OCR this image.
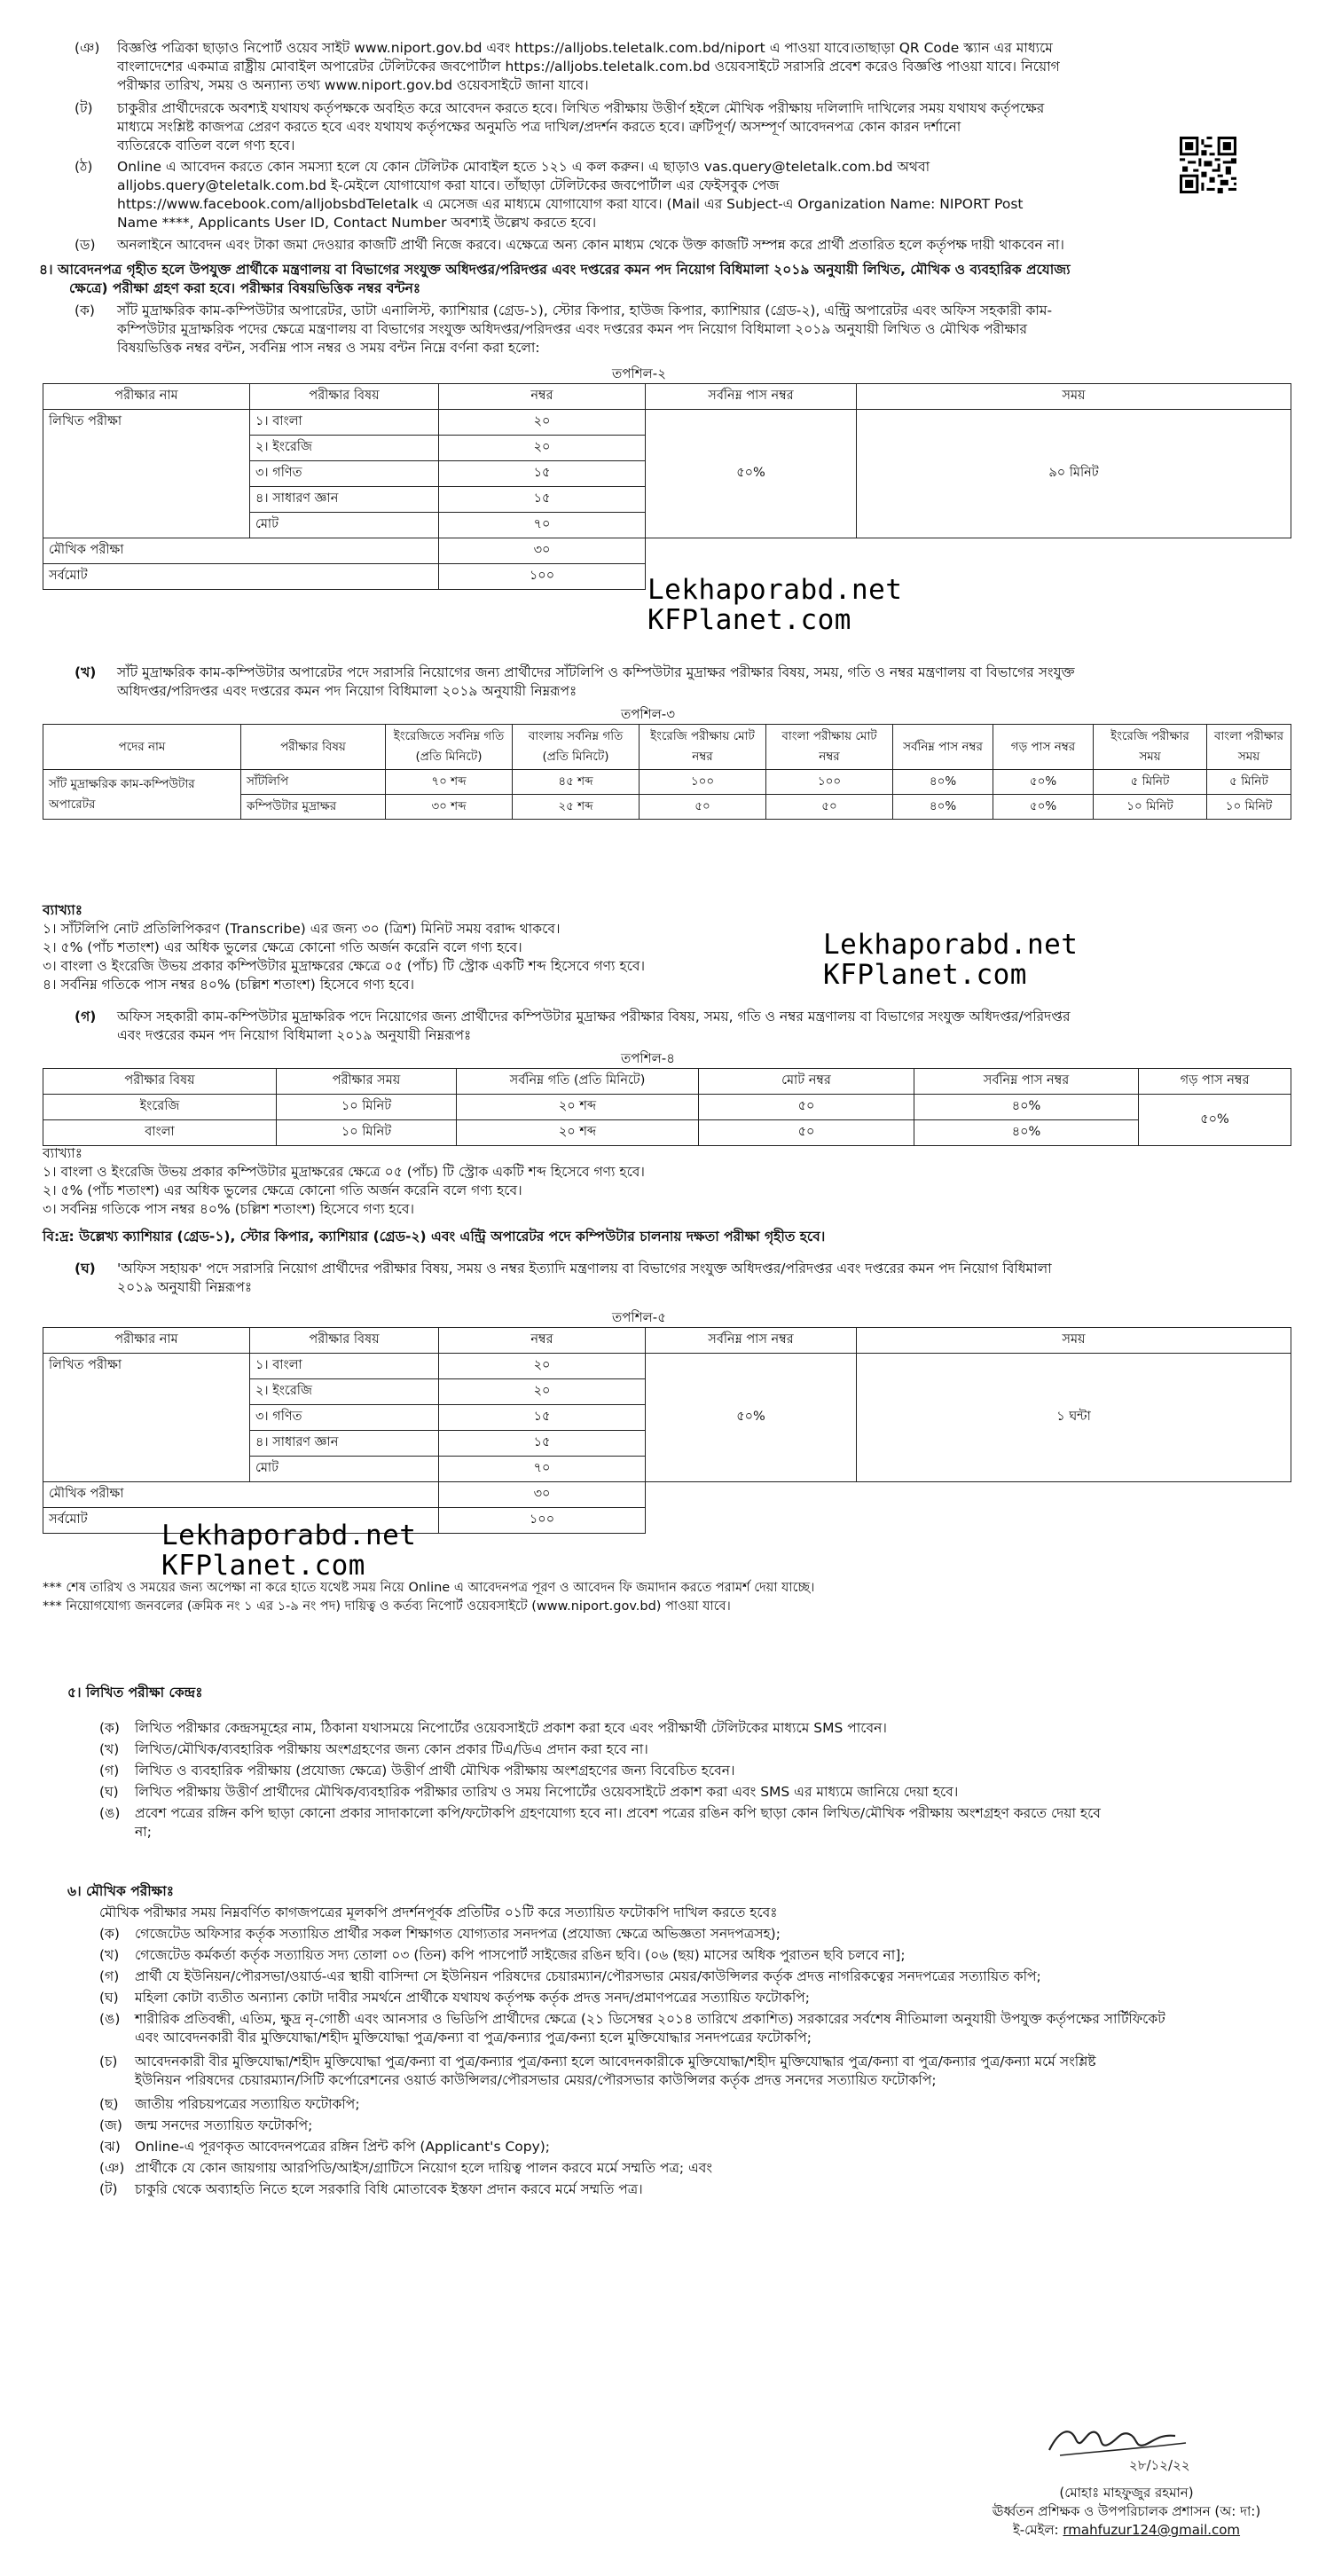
(ঞ)	বিজ্ঞপ্তি পত্রিকা ছাড়াও নিপোর্ট ওয়েব সাইট www.niport.gov.bd এবং https://alljobs.teletalk.com.bd/niport এ পাওয়া যাবে।তাছাড়া QR Code স্ক্যান এর মাধ্যমে
বাংলাদেশের একমাত্র রাষ্ট্রীয় মোবাইল অপারেটর টেলিটকের জবপোর্টাল https://alljobs.teletalk.com.bd ওয়েবসাইটে সরাসরি প্রবেশ করেও বিজ্ঞপ্তি পাওয়া যাবে। নিয়োগ
পরীক্ষার তারিখ, সময় ও অন্যান্য তথ্য www.niport.gov.bd ওয়েবসাইটে জানা যাবে।
(ট)	চাকুরীর প্রার্থীদেরকে অবশ্যই যথাযথ কর্তৃপক্ষকে অবহিত করে আবেদন করতে হবে। লিখিত পরীক্ষায় উত্তীর্ণ হইলে মৌখিক পরীক্ষায় দলিলাদি দাখিলের সময় যথাযথ কর্তৃপক্ষের
মাধ্যমে সংশ্লিষ্ট কাজপত্র প্রেরণ করতে হবে এবং যথাযথ কর্তৃপক্ষের অনুমতি পত্র দাখিল/প্রদর্শন করতে হবে। ত্রুটিপূর্ণ/ অসম্পূর্ণ আবেদনপত্র কোন কারন দর্শানো
ব্যতিরেকে বাতিল বলে গণ্য হবে।
(ঠ)	Online এ আবেদন করতে কোন সমস্যা হলে যে কোন টেলিটক মোবাইল হতে ১২১ এ কল করুন। এ ছাড়াও vas.query@teletalk.com.bd অথবা
alljobs.query@teletalk.com.bd ই-মেইলে যোগাযোগ করা যাবে। তাঁছাড়া টেলিটকের জবপোর্টাল এর ফেইসবুক পেজ
https://www.facebook.com/alljobsbdTeletalk এ মেসেজ এর মাধ্যমে যোগাযোগ করা যাবে। (Mail এর Subject-এ Organization Name: NIPORT Post
Name ****, Applicants User ID, Contact Number অবশ্যই উল্লেখ করতে হবে।
(ড)	অনলাইনে আবেদন এবং টাকা জমা দেওয়ার কাজটি প্রার্থী নিজে করবে। এক্ষেত্রে অন্য কোন মাধ্যম থেকে উক্ত কাজটি সম্পন্ন করে প্রার্থী প্রতারিত হলে কর্তৃপক্ষ দায়ী থাকবেন না।
৪। আবেদনপত্র গৃহীত হলে উপযুক্ত প্রার্থীকে মন্ত্রণালয় বা বিভাগের সংযুক্ত অধিদপ্তর/পরিদপ্তর এবং দপ্তরের কমন পদ নিয়োগ বিধিমালা ২০১৯ অনুযায়ী লিখিত, মৌখিক ও ব্যবহারিক প্রযোজ্য
ক্ষেত্রে) পরীক্ষা গ্রহণ করা হবে। পরীক্ষার বিষয়ভিত্তিক নম্বর বন্টনঃ
(ক)	সাঁট মুদ্রাক্ষরিক কাম-কম্পিউটার অপারেটর, ডাটা এনালিস্ট, ক্যাশিয়ার (গ্রেড-১), স্টোর কিপার, হাউজ কিপার, ক্যাশিয়ার (গ্রেড-২), এন্ট্রি অপারেটর এবং অফিস সহকারী কাম-
কম্পিউটার মুদ্রাক্ষরিক পদের ক্ষেত্রে মন্ত্রণালয় বা বিভাগের সংযুক্ত অধিদপ্তর/পরিদপ্তর এবং দপ্তরের কমন পদ নিয়োগ বিধিমালা ২০১৯ অনুযায়ী লিখিত ও মৌখিক পরীক্ষার
বিষয়ভিত্তিক নম্বর বন্টন, সর্বনিম্ন পাস নম্বর ও সময় বন্টন নিম্নে বর্ণনা করা হলো:
তপশিল-২
পরীক্ষার নাম	পরীক্ষার বিষয়	নম্বর	সর্বনিম্ন পাস নম্বর	সময়
লিখিত পরীক্ষা	১। বাংলা	২০	৫০%	৯০ মিনিট
	২। ইংরেজি	২০		
	৩। গণিত	১৫		
	৪। সাধারণ জ্ঞান	১৫		
	মোট	৭০		
মৌখিক পরীক্ষা		৩০		
সর্বমোট		১০০			Lekhaporabd.net
KFPlanet.com
(খ)	সাঁট মুদ্রাক্ষরিক কাম-কম্পিউটার অপারেটর পদে সরাসরি নিয়োগের জন্য প্রার্থীদের সাঁটলিপি ও কম্পিউটার মুদ্রাক্ষর পরীক্ষার বিষয়, সময়, গতি ও নম্বর মন্ত্রণালয় বা বিভাগের সংযুক্ত
অধিদপ্তর/পরিদপ্তর এবং দপ্তরের কমন পদ নিয়োগ বিধিমালা ২০১৯ অনুযায়ী নিম্নরূপঃ
তপশিল-৩
পদের নাম	পরীক্ষার বিষয়	ইংরেজিতে সর্বনিম্ন গতি (প্রতি মিনিটে)	বাংলায় সর্বনিম্ন গতি (প্রতি মিনিটে)	ইংরেজি পরীক্ষায় মোট নম্বর	বাংলা পরীক্ষায় মোট নম্বর	সর্বনিম্ন পাস নম্বর	গড় পাস নম্বর	ইংরেজি পরীক্ষার সময়	বাংলা পরীক্ষার সময়
সাঁট মুদ্রাক্ষরিক কাম-কম্পিউটার অপারেটর	সাঁটলিপি	৭০ শব্দ	৪৫ শব্দ	১০০	১০০	৪০%	৫০%	৫ মিনিট	৫ মিনিট
	কম্পিউটার মুদ্রাক্ষর	৩০ শব্দ	২৫ শব্দ	৫০	৫০	৪০%	৫০%	১০ মিনিট	১০ মিনিট
ব্যাখ্যাঃ
১। সাঁটলিপি নোট প্রতিলিপিকরণ (Transcribe) এর জন্য ৩০ (ত্রিশ) মিনিট সময় বরাদ্দ থাকবে।
২। ৫% (পাঁচ শতাংশ) এর অধিক ভুলের ক্ষেত্রে কোনো গতি অর্জন করেনি বলে গণ্য হবে।
৩। বাংলা ও ইংরেজি উভয় প্রকার কম্পিউটার মুদ্রাক্ষরের ক্ষেত্রে ০৫ (পাঁচ) টি স্ট্রোক একটি শব্দ হিসেবে গণ্য হবে।
৪। সর্বনিম্ন গতিকে পাস নম্বর ৪০% (চল্লিশ শতাংশ) হিসেবে গণ্য হবে।
Lekhaporabd.net
KFPlanet.com
(গ)	অফিস সহকারী কাম-কম্পিউটার মুদ্রাক্ষরিক পদে নিয়োগের জন্য প্রার্থীদের কম্পিউটার মুদ্রাক্ষর পরীক্ষার বিষয়, সময়, গতি ও নম্বর মন্ত্রণালয় বা বিভাগের সংযুক্ত অধিদপ্তর/পরিদপ্তর
এবং দপ্তরের কমন পদ নিয়োগ বিধিমালা ২০১৯ অনুযায়ী নিম্নরূপঃ
তপশিল-৪
পরীক্ষার বিষয়	পরীক্ষার সময়	সর্বনিম্ন গতি (প্রতি মিনিটে)	মোট নম্বর	সর্বনিম্ন পাস নম্বর	গড় পাস নম্বর
ইংরেজি	১০ মিনিট	২০ শব্দ	৫০	৪০%	৫০%
বাংলা	১০ মিনিট	২০ শব্দ	৫০	৪০%	
ব্যাখ্যাঃ
১। বাংলা ও ইংরেজি উভয় প্রকার কম্পিউটার মুদ্রাক্ষরের ক্ষেত্রে ০৫ (পাঁচ) টি স্ট্রোক একটি শব্দ হিসেবে গণ্য হবে।
২। ৫% (পাঁচ শতাংশ) এর অধিক ভুলের ক্ষেত্রে কোনো গতি অর্জন করেনি বলে গণ্য হবে।
৩। সর্বনিম্ন গতিকে পাস নম্বর ৪০% (চল্লিশ শতাংশ) হিসেবে গণ্য হবে।
বি:দ্র: উল্লেখ্য ক্যাশিয়ার (গ্রেড-১), স্টোর কিপার, ক্যাশিয়ার (গ্রেড-২) এবং এন্ট্রি অপারেটর পদে কম্পিউটার চালনায় দক্ষতা পরীক্ষা গৃহীত হবে।
(ঘ)	'অফিস সহায়ক' পদে সরাসরি নিয়োগ প্রার্থীদের পরীক্ষার বিষয়, সময় ও নম্বর ইত্যাদি মন্ত্রণালয় বা বিভাগের সংযুক্ত অধিদপ্তর/পরিদপ্তর এবং দপ্তরের কমন পদ নিয়োগ বিধিমালা
২০১৯ অনুযায়ী নিম্নরূপঃ
তপশিল-৫
পরীক্ষার নাম	পরীক্ষার বিষয়	নম্বর	সর্বনিম্ন পাস নম্বর	সময়
লিখিত পরীক্ষা	১। বাংলা	২০	৫০%	১ ঘন্টা
	২। ইংরেজি	২০		
	৩। গণিত	১৫		
	৪। সাধারণ জ্ঞান	১৫		
	মোট	৭০		
মৌখিক পরীক্ষা		৩০		
সর্বমোট		১০০		
Lekhaporabd.net
KFPlanet.com
*** শেষ তারিখ ও সময়ের জন্য অপেক্ষা না করে হাতে যথেষ্ট সময় নিয়ে Online এ আবেদনপত্র পূরণ ও আবেদন ফি জমাদান করতে পরামর্শ দেয়া যাচ্ছে।
*** নিয়োগযোগ্য জনবলের (ক্রমিক নং ১ এর ১-৯ নং পদ) দায়িত্ব ও কর্তব্য নিপোর্ট ওয়েবসাইটে (www.niport.gov.bd) পাওয়া যাবে।
৫। লিখিত পরীক্ষা কেন্দ্রঃ
(ক)	লিখিত পরীক্ষার কেন্দ্রসমূহের নাম, ঠিকানা যথাসময়ে নিপোর্টের ওয়েবসাইটে প্রকাশ করা হবে এবং পরীক্ষার্থী টেলিটকের মাধ্যমে SMS পাবেন।
(খ)	লিখিত/মৌখিক/ব্যবহারিক পরীক্ষায় অংশগ্রহণের জন্য কোন প্রকার টিএ/ডিএ প্রদান করা হবে না।
(গ)	লিখিত ও ব্যবহারিক পরীক্ষায় (প্রযোজ্য ক্ষেত্রে) উত্তীর্ণ প্রার্থী মৌখিক পরীক্ষায় অংশগ্রহণের জন্য বিবেচিত হবেন।
(ঘ)	লিখিত পরীক্ষায় উত্তীর্ণ প্রার্থীদের মৌখিক/ব্যবহারিক পরীক্ষার তারিখ ও সময় নিপোর্টের ওয়েবসাইটে প্রকাশ করা এবং SMS এর মাধ্যমে জানিয়ে দেয়া হবে।
(ঙ)	প্রবেশ পত্রের রঙ্গিন কপি ছাড়া কোনো প্রকার সাদাকালো কপি/ফটোকপি গ্রহণযোগ্য হবে না। প্রবেশ পত্রের রঙিন কপি ছাড়া কোন লিখিত/মৌখিক পরীক্ষায় অংশগ্রহণ করতে দেয়া হবে
না;
৬। মৌখিক পরীক্ষাঃ
মৌখিক পরীক্ষার সময় নিম্নবর্ণিত কাগজপত্রের মূলকপি প্রদর্শনপূর্বক প্রতিটির ০১টি করে সত্যায়িত ফটোকপি দাখিল করতে হবেঃ
(ক)	গেজেটেড অফিসার কর্তৃক সত্যায়িত প্রার্থীর সকল শিক্ষাগত যোগ্যতার সনদপত্র (প্রযোজ্য ক্ষেত্রে অভিজ্ঞতা সনদপত্রসহ);
(খ)	গেজেটেড কর্মকর্তা কর্তৃক সত্যায়িত সদ্য তোলা ০৩ (তিন) কপি পাসপোর্ট সাইজের রঙিন ছবি। (০৬ (ছয়) মাসের অধিক পুরাতন ছবি চলবে না];
(গ)	প্রার্থী যে ইউনিয়ন/পৌরসভা/ওয়ার্ড-এর স্থায়ী বাসিন্দা সে ইউনিয়ন পরিষদের চেয়ারম্যান/পৌরসভার মেয়র/কাউন্সিলর কর্তৃক প্রদত্ত নাগরিকত্বের সনদপত্রের সত্যায়িত কপি;
(ঘ)	মহিলা কোটা ব্যতীত অন্যান্য কোটা দাবীর সমর্থনে প্রার্থীকে যথাযথ কর্তৃপক্ষ কর্তৃক প্রদত্ত সনদ/প্রমাণপত্রের সত্যায়িত ফটোকপি;
(ঙ)	শারীরিক প্রতিবন্ধী, এতিম, ক্ষুদ্র নৃ-গোষ্ঠী এবং আনসার ও ভিডিপি প্রার্থীদের ক্ষেত্রে (২১ ডিসেম্বর ২০১৪ তারিখে প্রকাশিত) সরকারের সর্বশেষ নীতিমালা অনুযায়ী উপযুক্ত কর্তৃপক্ষের সার্টিফিকেট
এবং আবেদনকারী বীর মুক্তিযোদ্ধা/শহীদ মুক্তিযোদ্ধা পুত্র/কন্যা বা পুত্র/কন্যার পুত্র/কন্যা হলে মুক্তিযোদ্ধার সনদপত্রের ফটোকপি;
(চ)	আবেদনকারী বীর মুক্তিযোদ্ধা/শহীদ মুক্তিযোদ্ধা পুত্র/কন্যা বা পুত্র/কন্যার পুত্র/কন্যা হলে আবেদনকারীকে মুক্তিযোদ্ধা/শহীদ মুক্তিযোদ্ধার পুত্র/কন্যা বা পুত্র/কন্যার পুত্র/কন্যা মর্মে সংশ্লিষ্ট
ইউনিয়ন পরিষদের চেয়ারম্যান/সিটি কর্পোরেশনের ওয়ার্ড কাউন্সিলর/পৌরসভার মেয়র/পৌরসভার কাউন্সিলর কর্তৃক প্রদত্ত সনদের সত্যায়িত ফটোকপি;
(ছ)	জাতীয় পরিচয়পত্রের সত্যায়িত ফটোকপি;
(জ) জন্ম সনদের সত্যায়িত ফটোকপি;
(ঝ)	Online-এ পূরণকৃত আবেদনপত্রের রঙ্গিন প্রিন্ট কপি (Applicant's Copy);
(ঞ) প্রার্থীকে যে কোন জায়গায় আরপিডি/আইস/গ্রাটিসে নিয়োগ হলে দায়িত্ব পালন করবে মর্মে সম্মতি পত্র; এবং
(ট)	চাকুরি থেকে অব্যাহতি নিতে হলে সরকারি বিধি মোতাবেক ইস্তফা প্রদান করবে মর্মে সম্মতি পত্র।
২৮/১২/২২
(মোহাঃ মাহফুজুর রহমান)
ঊর্ধ্বতন প্রশিক্ষক ও উপপরিচালক প্রশাসন (অ: দা:)
ই-মেইল: rmahfuzur124@gmail.com
